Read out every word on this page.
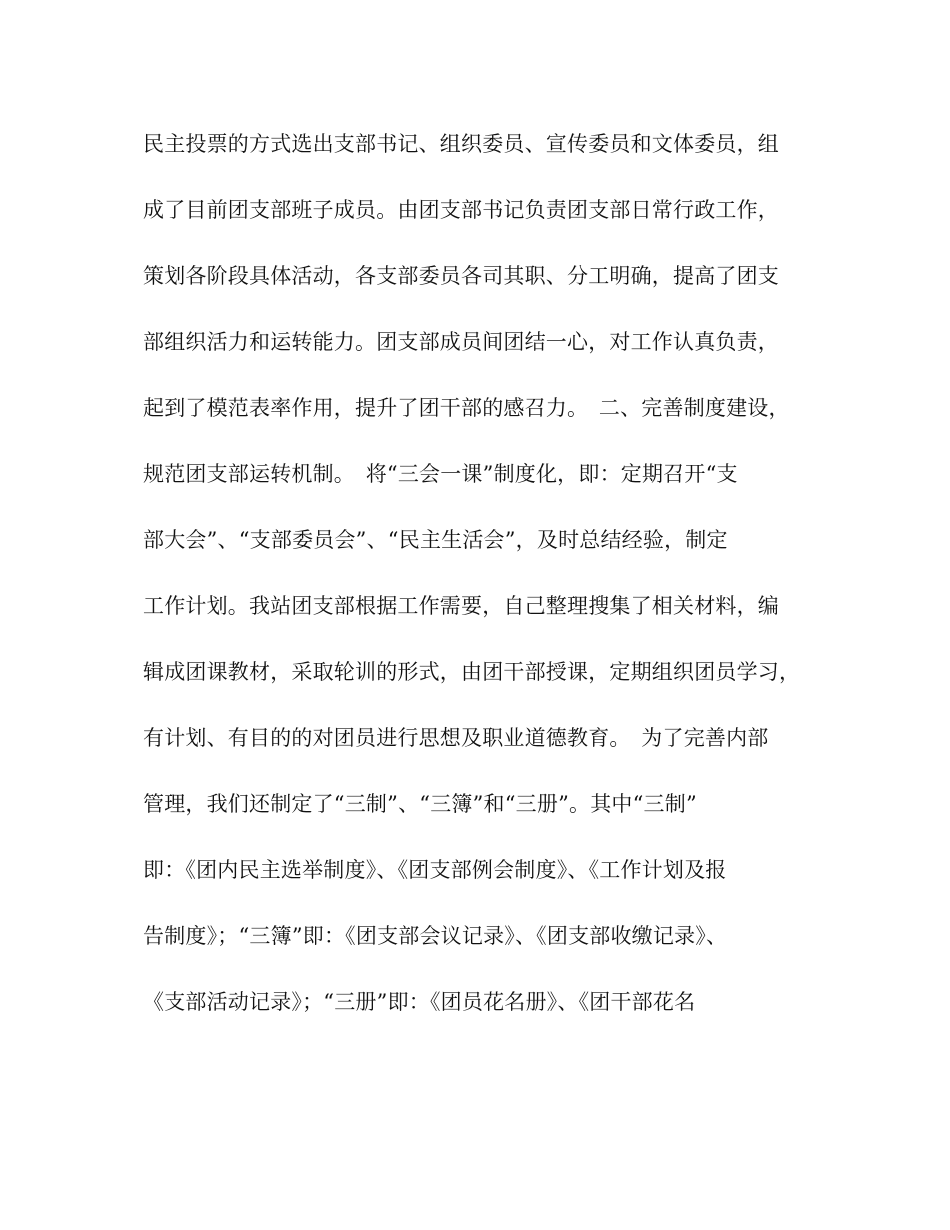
民主投票的方式选出支部书记、组织委员、宣传委员和文体委员，组
成了目前团支部班子成员。由团支部书记负责团支部日常行政工作，
策划各阶段具体活动，各支部委员各司其职、分工明确，提高了团支
部组织活力和运转能力。团支部成员间团结一心，对工作认真负责，
起到了模范表率作用，提升了团干部的感召力。　二、完善制度建设，
规范团支部运转机制。　将“三会一课”制度化，即：定期召开“支
部大会”、“支部委员会”、“民主生活会”，及时总结经验，制定
工作计划。我站团支部根据工作需要，自己整理搜集了相关材料，编
辑成团课教材，采取轮训的形式，由团干部授课，定期组织团员学习，
有计划、有目的的对团员进行思想及职业道德教育。　为了完善内部
管理，我们还制定了“三制”、“三簿”和“三册”。其中“三制”
即：《团内民主选举制度》、《团支部例会制度》、《工作计划及报
告制度》；“三簿”即：《团支部会议记录》、《团支部收缴记录》、
《支部活动记录》；“三册”即：《团员花名册》、《团干部花名
